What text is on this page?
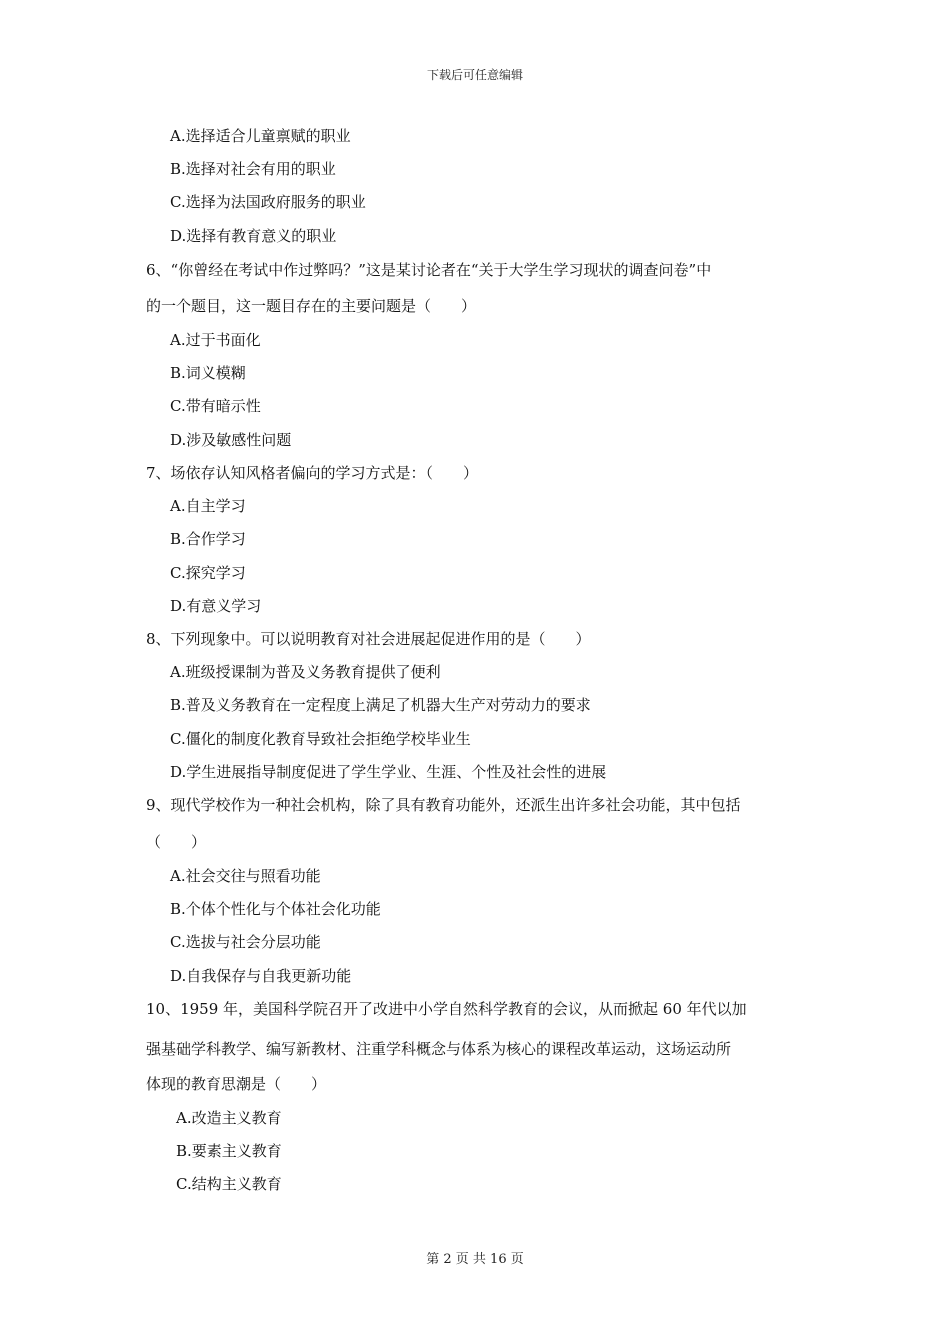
下载后可任意编辑
A.选择适合儿童禀赋的职业
B.选择对社会有用的职业
C.选择为法国政府服务的职业
D.选择有教育意义的职业
6、“你曾经在考试中作过弊吗？”这是某讨论者在“关于大学生学习现状的调查问卷”中
的一个题目，这一题目存在的主要问题是（　　）
A.过于书面化
B.词义模糊
C.带有暗示性
D.涉及敏感性问题
7、场依存认知风格者偏向的学习方式是：（　　）
A.自主学习
B.合作学习
C.探究学习
D.有意义学习
8、下列现象中。可以说明教育对社会进展起促进作用的是（　　）
A.班级授课制为普及义务教育提供了便利
B.普及义务教育在一定程度上满足了机器大生产对劳动力的要求
C.僵化的制度化教育导致社会拒绝学校毕业生
D.学生进展指导制度促进了学生学业、生涯、个性及社会性的进展
9、现代学校作为一种社会机构，除了具有教育功能外，还派生出许多社会功能，其中包括
（　　）
A.社会交往与照看功能
B.个体个性化与个体社会化功能
C.选拔与社会分层功能
D.自我保存与自我更新功能
10、1959 年，美国科学院召开了改进中小学自然科学教育的会议，从而掀起 60 年代以加
强基础学科教学、编写新教材、注重学科概念与体系为核心的课程改革运动，这场运动所
体现的教育思潮是（　　）
A.改造主义教育
B.要素主义教育
C.结构主义教育
第 2 页 共 16 页
